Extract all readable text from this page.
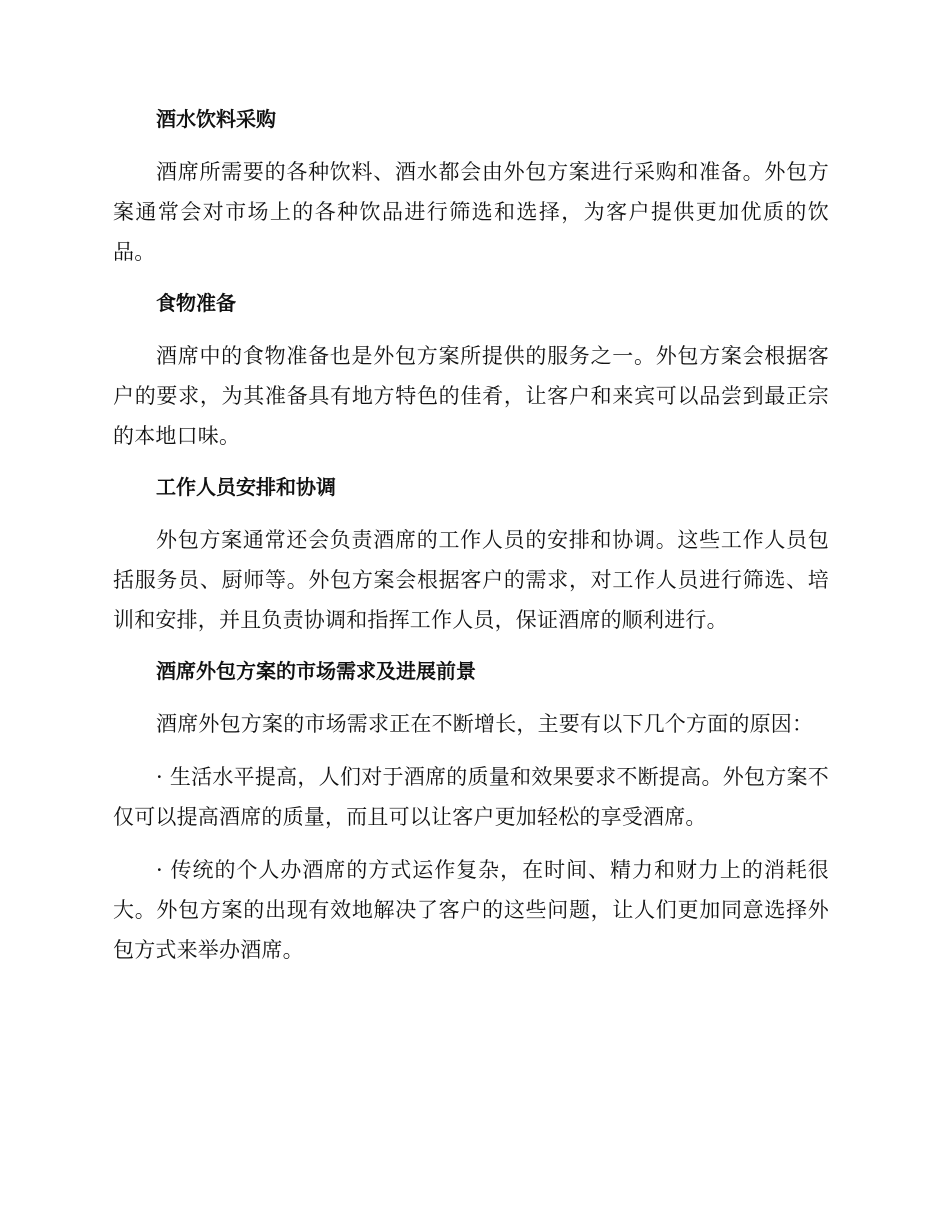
酒水饮料采购

酒席所需要的各种饮料、酒水都会由外包方案进行采购和准备。外包方案通常会对市场上的各种饮品进行筛选和选择，为客户提供更加优质的饮品。

食物准备

酒席中的食物准备也是外包方案所提供的服务之一。外包方案会根据客户的要求，为其准备具有地方特色的佳肴，让客户和来宾可以品尝到最正宗的本地口味。

工作人员安排和协调

外包方案通常还会负责酒席的工作人员的安排和协调。这些工作人员包括服务员、厨师等。外包方案会根据客户的需求，对工作人员进行筛选、培训和安排，并且负责协调和指挥工作人员，保证酒席的顺利进行。

酒席外包方案的市场需求及进展前景

酒席外包方案的市场需求正在不断增长，主要有以下几个方面的原因：

· 生活水平提高，人们对于酒席的质量和效果要求不断提高。外包方案不仅可以提高酒席的质量，而且可以让客户更加轻松的享受酒席。

· 传统的个人办酒席的方式运作复杂，在时间、精力和财力上的消耗很大。外包方案的出现有效地解决了客户的这些问题，让人们更加同意选择外包方式来举办酒席。
